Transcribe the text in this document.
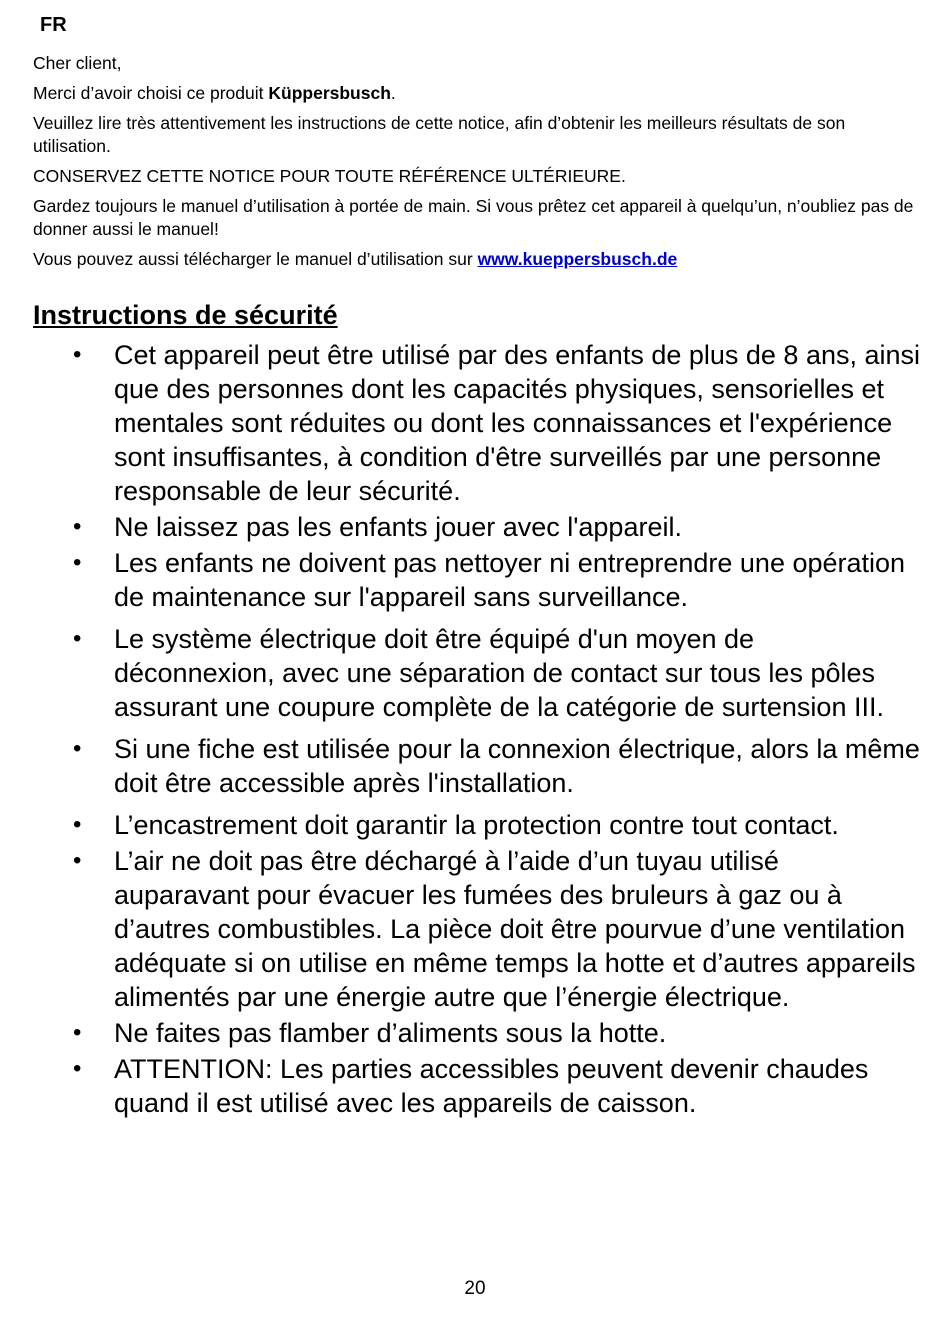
FR

Cher client,

Merci d’avoir choisi ce produit Küppersbusch.

Veuillez lire très attentivement les instructions de cette notice, afin d’obtenir les meilleurs résultats de son utilisation.

CONSERVEZ CETTE NOTICE POUR TOUTE RÉFÉRENCE ULTÉRIEURE.

Gardez toujours le manuel d’utilisation à portée de main. Si vous prêtez cet appareil à quelqu’un, n’oubliez pas de donner aussi le manuel!

Vous pouvez aussi télécharger le manuel d’utilisation sur www.kueppersbusch.de

Instructions de sécurité
• Cet appareil peut être utilisé par des enfants de plus de 8 ans, ainsi que des personnes dont les capacités physiques, sensorielles et mentales sont réduites ou dont les connaissances et l'expérience sont insuffisantes, à condition d'être surveillés par une personne responsable de leur sécurité.
• Ne laissez pas les enfants jouer avec l'appareil.
• Les enfants ne doivent pas nettoyer ni entreprendre une opération de maintenance sur l'appareil sans surveillance.
• Le système électrique doit être équipé d'un moyen de déconnexion, avec une séparation de contact sur tous les pôles assurant une coupure complète de la catégorie de surtension III.
• Si une fiche est utilisée pour la connexion électrique, alors la même doit être accessible après l'installation.
• L’encastrement doit garantir la protection contre tout contact.
• L’air ne doit pas être déchargé à l’aide d’un tuyau utilisé auparavant pour évacuer les fumées des bruleurs à gaz ou à d’autres combustibles. La pièce doit être pourvue d’une ventilation adéquate si on utilise en même temps la hotte et d’autres appareils alimentés par une énergie autre que l’énergie électrique.
• Ne faites pas flamber d’aliments sous la hotte.
• ATTENTION: Les parties accessibles peuvent devenir chaudes quand il est utilisé avec les appareils de caisson.
20
